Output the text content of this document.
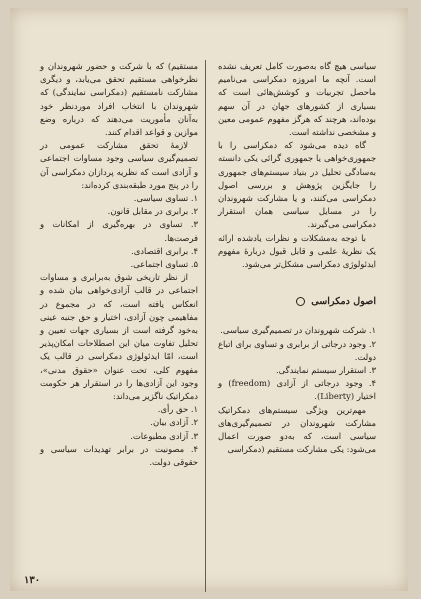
سیاسی هیچ گاه به‌صورت کامل تعریف نشده است. آنچه ما امروزه دمکراسی می‌نامیم ماحصل تجربیات و کوشش‌هائی است که بسیاری از کشورهای جهان در آن سهم بوده‌اند، هرچند که هرگز مفهوم عمومی معین و مشخصی نداشته است.

گاه دیده می‌شود که دمکراسی را با جمهوری‌خواهی یا جمهوری گرائی یکی دانسته به‌سادگی تحلیل در بنیاد سیستم‌های جمهوری را جایگزین پژوهش و بررسی اصول دمکراسی می‌کنند، و یا مشارکت شهروندان را در مسایل سیاسی همان استقرار دمکراسی می‌گیرند.

با توجه به‌مشکلات و نظرات یادشده ارائه یک نظریهٔ علمی و قابل قبول دربارهٔ مفهوم ایدئولوژی دمکراسی مشکل‌تر می‌شود.

اصول دمکراسی

۱. شرکت شهروندان در تصمیم‌گیری سیاسی.

۲. وجود درجاتی از برابری و تساوی برای اتباع دولت.

۳. استقرار سیستم نمایندگی.

۴. وجود درجاتی از آزادی (freedom) و اختیار (Liberty).

مهم‌ترین ویژگی سیستم‌های دمکراتیک مشارکت شهروندان در تصمیم‌گیری‌های سیاسی است، که به‌دو صورت اعمال می‌شود: یکی مشارکت مستقیم (دمکراسی

مستقیم) که با شرکت و حضور شهروندان و نظرخواهی مستقیم تحقق می‌یابد، و دیگری مشارکت نامستقیم (دمکراسی نمایندگی) که شهروندان با انتخاب افراد موردنظر خود به‌آنان مأموریت می‌دهند که درباره وضع موازین و قواعد اقدام کنند.

لازمهٔ تحقق مشارکت عمومی در تصمیم‌گیری سیاسی وجود مساوات اجتماعی و آزادی است که نظریه پردازان دمکراسی آن را در پنج مورد طبقه‌بندی کرده‌اند:

۱. تساوی سیاسی.

۲. برابری در مقابل قانون.

۳. تساوی در بهره‌گیری از امکانات و فرصت‌ها.

۴. برابری اقتصادی.

۵. تساوی اجتماعی.

از نظر تاریخی شوق به‌برابری و مساوات اجتماعی در قالب آزادی‌خواهی بیان شده و انعکاس یافته است، که در مجموع در مفاهیمی چون آزادی، اختیار و حق جنبه عینی به‌خود گرفته است از بسیاری جهات تعیین و تحلیل تفاوت میان این اصطلاحات امکان‌پذیر است، امّا ایدئولوژی دمکراسی در قالب یک مفهوم کلی، تحت عنوان «حقوق مدنی»، وجود این آزادی‌ها را در استقرار هر حکومت دمکراتیک ناگزیر می‌داند:

۱. حق رأی.

۲. آزادی بیان.

۳. آزادی مطبوعات.

۴. مصونیت در برابر تهدیدات سیاسی و حقوقی دولت.

۱۳۰
